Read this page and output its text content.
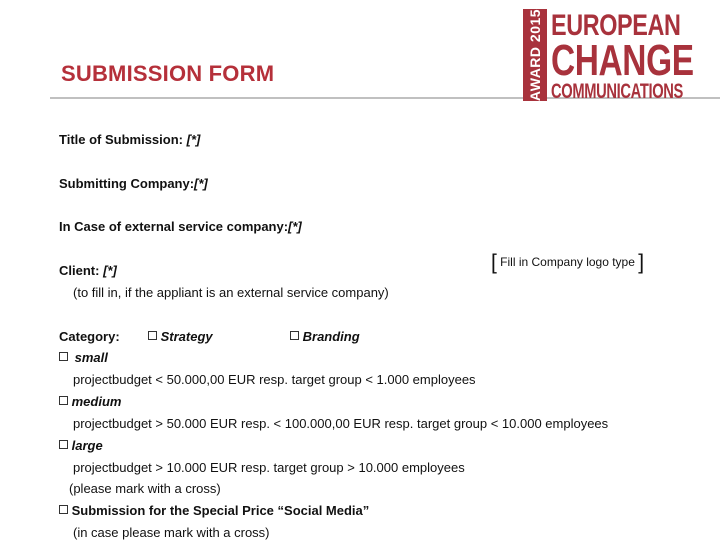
SUBMISSION FORM	AWARD 2015 EUROPEAN
CHANGE
COMMUNICATIONS
Title of Submission: [*]
Submitting Company:[*]
In Case of external service company:[*]
Client: [*]	[ Fill in Company logo type ]
(to fill in, if the appliant is an external service company)
Category:	Strategy	Branding
small
projectbudget < 50.000,00 EUR resp. target group < 1.000 employees
medium
projectbudget > 50.000 EUR resp. < 100.000,00 EUR resp. target group < 10.000 employees
large
projectbudget > 10.000 EUR resp. target group > 10.000 employees
(please mark with a cross)
Submission for the Special Price “Social Media”
(in case please mark with a cross)
